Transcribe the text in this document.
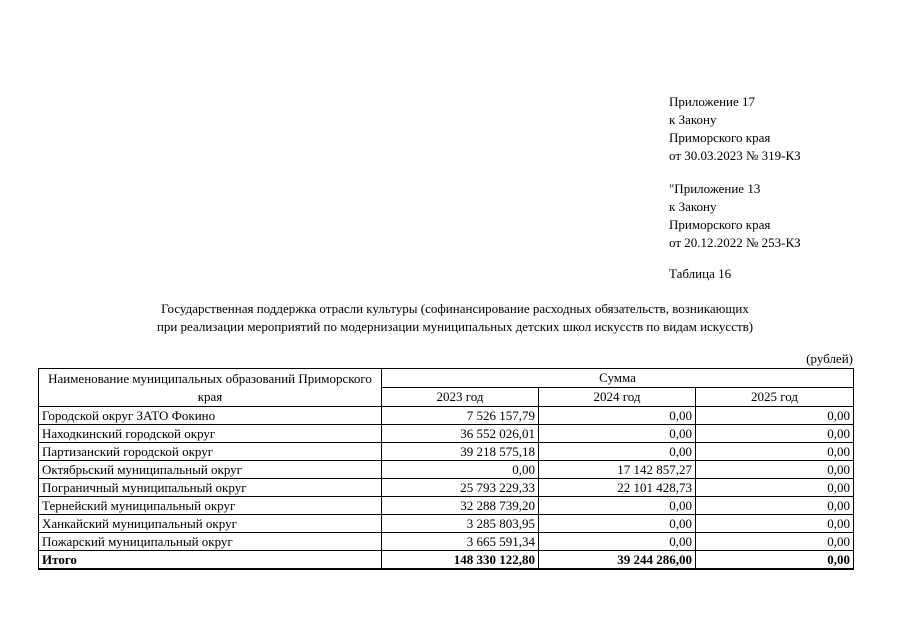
Приложение 17
к Закону
Приморского края
от 30.03.2023 № 319-КЗ
"Приложение 13
к Закону
Приморского края
от 20.12.2022 № 253-КЗ
Таблица 16
Государственная поддержка отрасли культуры (софинансирование расходных обязательств, возникающих
при реализации мероприятий по модернизации муниципальных детских школ искусств по видам искусств)
(рублей)
Наименование муниципальных образований Приморского края	Сумма		
	2023 год	2024 год	2025 год
Городской округ ЗАТО Фокино	7 526 157,79	0,00	0,00
Находкинский городской округ	36 552 026,01	0,00	0,00
Партизанский городской округ	39 218 575,18	0,00	0,00
Октябрьский муниципальный округ	0,00	17 142 857,27	0,00
Пограничный муниципальный округ	25 793 229,33	22 101 428,73	0,00
Тернейский муниципальный округ	32 288 739,20	0,00	0,00
Ханкайский муниципальный округ	3 285 803,95	0,00	0,00
Пожарский муниципальный округ	3 665 591,34	0,00	0,00
Итого	148 330 122,80	39 244 286,00	0,00
